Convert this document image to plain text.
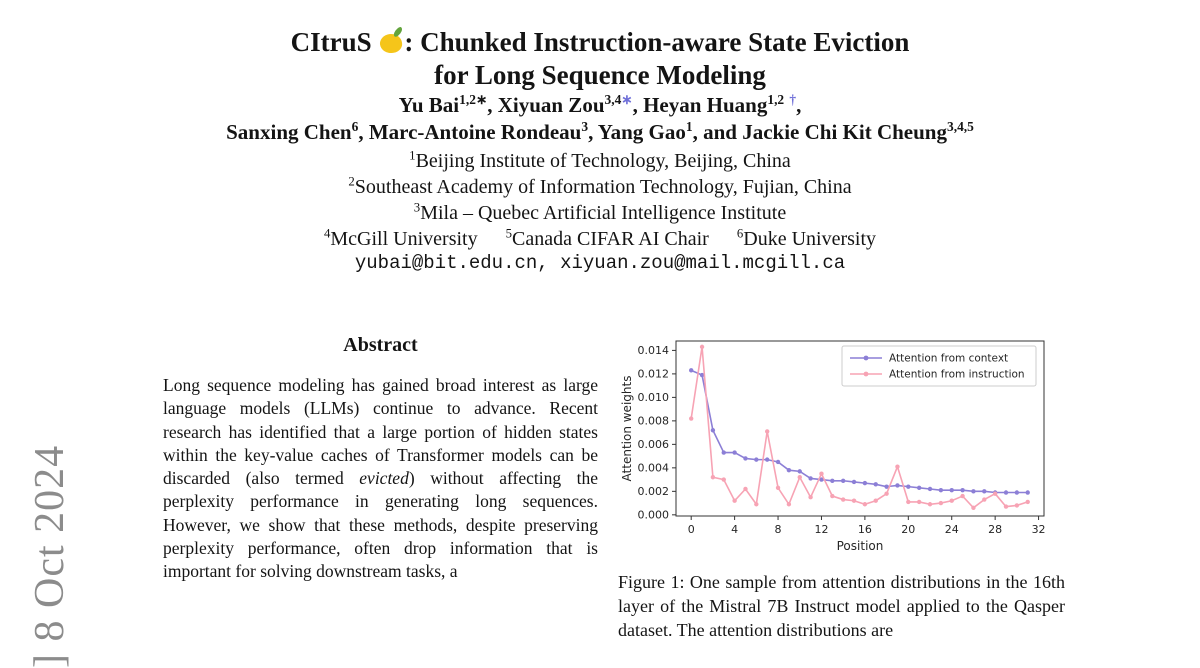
] 8 Oct 2024
CItruS : Chunked Instruction-aware State Eviction
for Long Sequence Modeling
Yu Bai$^{1,2∗}$, Xiyuan Zou$^{3,4∗}$, Heyan Huang$^{1,2}$ †,
Sanxing Chen$^6$, Marc-Antoine Rondeau$^3$, Yang Gao$^1$, and Jackie Chi Kit Cheung$^{3,4,5}$
$^1$Beijing Institute of Technology, Beijing, China
$^2$Southeast Academy of Information Technology, Fujian, China
$^3$Mila – Quebec Artificial Intelligence Institute
$^4$McGill University $^5$Canada CIFAR AI Chair $^6$Duke University
yubai@bit.edu.cn, xiyuan.zou@mail.mcgill.ca
Abstract
Long sequence modeling has gained broad interest as large language models (LLMs) continue to advance. Recent research has identified that a large portion of hidden states within the key-value caches of Transformer models can be discarded (also termed evicted) without affecting the perplexity performance in generating long sequences. However, we show that these methods, despite preserving perplexity performance, often drop information that is important for solving downstream tasks, a
0.000
0.002
0.004
0.006
0.008
0.010
0.012
0.014
0	4	8	12	16	20	24	28	32
Position
Attention weights
Attention from context
Attention from instruction
Figure 1: One sample from attention distributions in the 16th layer of the Mistral 7B Instruct model applied to the Qasper dataset. The attention distributions are
